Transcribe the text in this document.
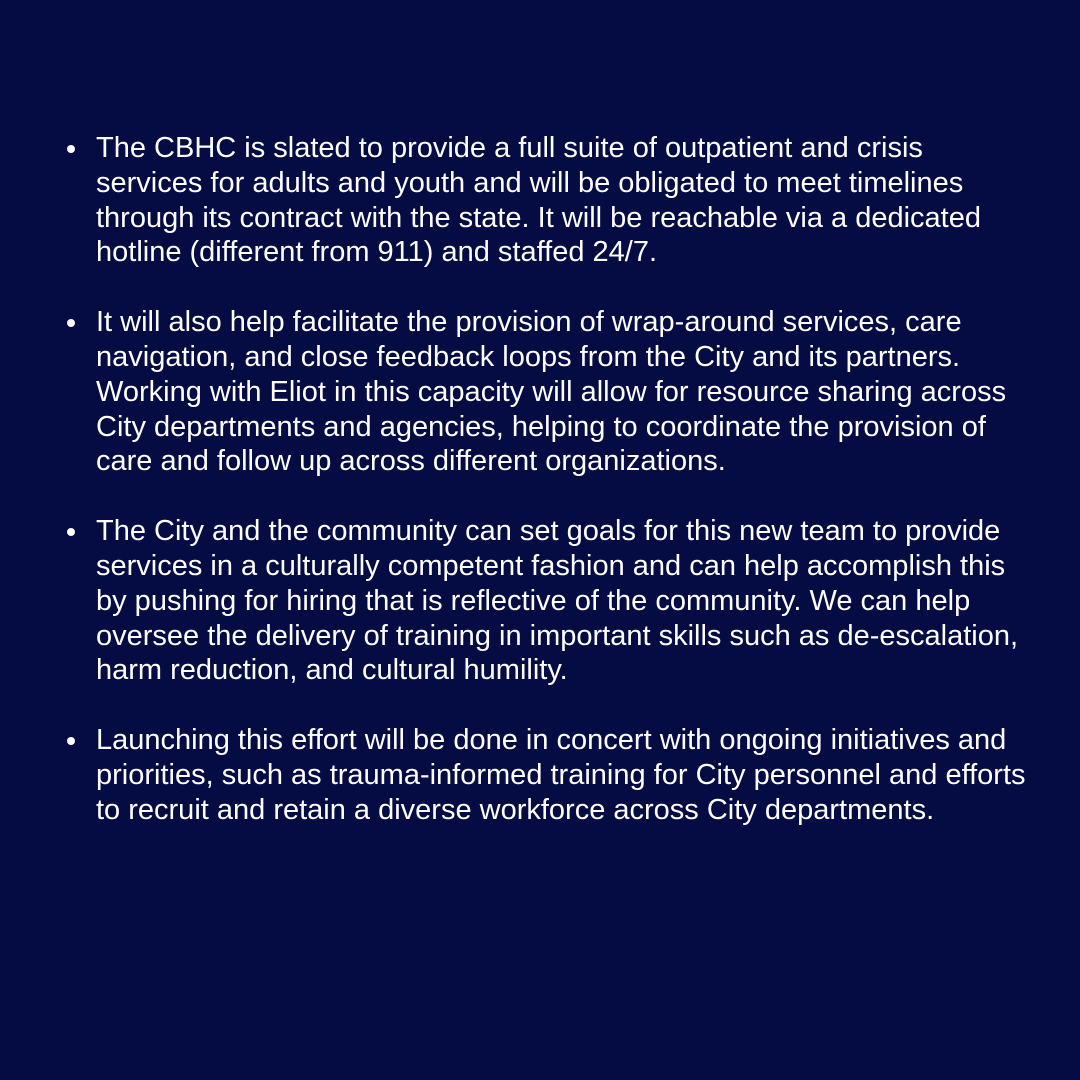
The CBHC is slated to provide a full suite of outpatient and crisis services for adults and youth and will be obligated to meet timelines through its contract with the state. It will be reachable via a dedicated hotline (different from 911) and staffed 24/7.
It will also help facilitate the provision of wrap-around services, care navigation, and close feedback loops from the City and its partners. Working with Eliot in this capacity will allow for resource sharing across City departments and agencies, helping to coordinate the provision of care and follow up across different organizations.
The City and the community can set goals for this new team to provide services in a culturally competent fashion and can help accomplish this by pushing for hiring that is reflective of the community. We can help oversee the delivery of training in important skills such as de-escalation, harm reduction, and cultural humility.
Launching this effort will be done in concert with ongoing initiatives and priorities, such as trauma-informed training for City personnel and efforts to recruit and retain a diverse workforce across City departments.
